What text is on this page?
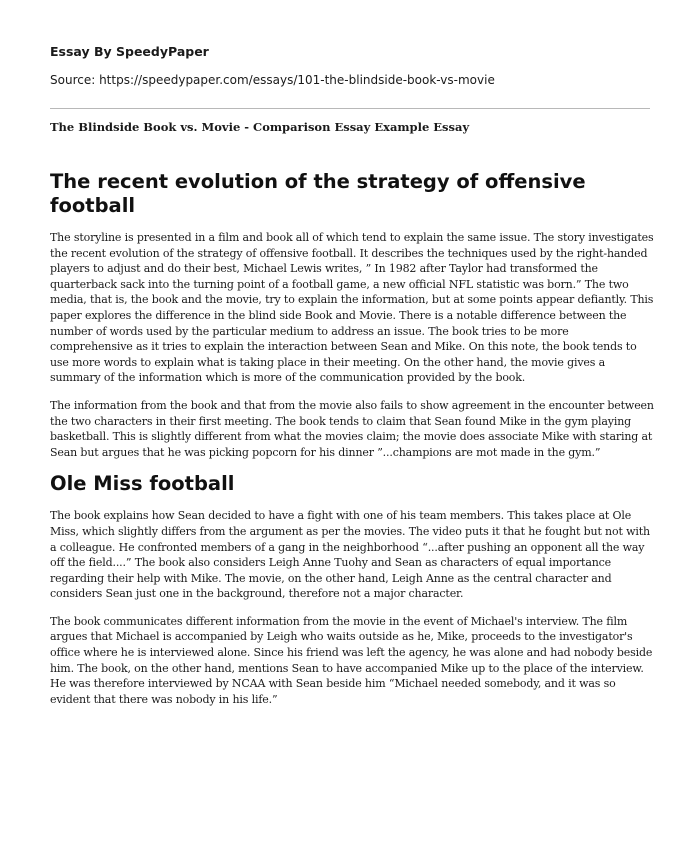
Essay By SpeedyPaper
Source: https://speedypaper.com/essays/101-the-blindside-book-vs-movie
The Blindside Book vs. Movie - Comparison Essay Example Essay
The recent evolution of the strategy of offensive football

The storyline is presented in a film and book all of which tend to explain the same issue. The story investigates the recent evolution of the strategy of offensive football. It describes the techniques used by the right-handed players to adjust and do their best, Michael Lewis writes, ” In 1982 after Taylor had transformed the quarterback sack into the turning point of a football game, a new official NFL statistic was born.” The two media, that is, the book and the movie, try to explain the information, but at some points appear defiantly. This paper explores the difference in the blind side Book and Movie. There is a notable difference between the number of words used by the particular medium to address an issue. The book tries to be more comprehensive as it tries to explain the interaction between Sean and Mike. On this note, the book tends to use more words to explain what is taking place in their meeting. On the other hand, the movie gives a summary of the information which is more of the communication provided by the book.

The information from the book and that from the movie also fails to show agreement in the encounter between the two characters in their first meeting. The book tends to claim that Sean found Mike in the gym playing basketball. This is slightly different from what the movies claim; the movie does associate Mike with staring at Sean but argues that he was picking popcorn for his dinner ”...champions are mot made in the gym.”

Ole Miss football

The book explains how Sean decided to have a fight with one of his team members. This takes place at Ole Miss, which slightly differs from the argument as per the movies. The video puts it that he fought but not with a colleague. He confronted members of a gang in the neighborhood “...after pushing an opponent all the way off the field....” The book also considers Leigh Anne Tuohy and Sean as characters of equal importance regarding their help with Mike. The movie, on the other hand, Leigh Anne as the central character and considers Sean just one in the background, therefore not a major character.

The book communicates different information from the movie in the event of Michael's interview. The film argues that Michael is accompanied by Leigh who waits outside as he, Mike, proceeds to the investigator's office where he is interviewed alone. Since his friend was left the agency, he was alone and had nobody beside him. The book, on the other hand, mentions Sean to have accompanied Mike up to the place of the interview. He was therefore interviewed by NCAA with Sean beside him “Michael needed somebody, and it was so evident that there was nobody in his life.”
